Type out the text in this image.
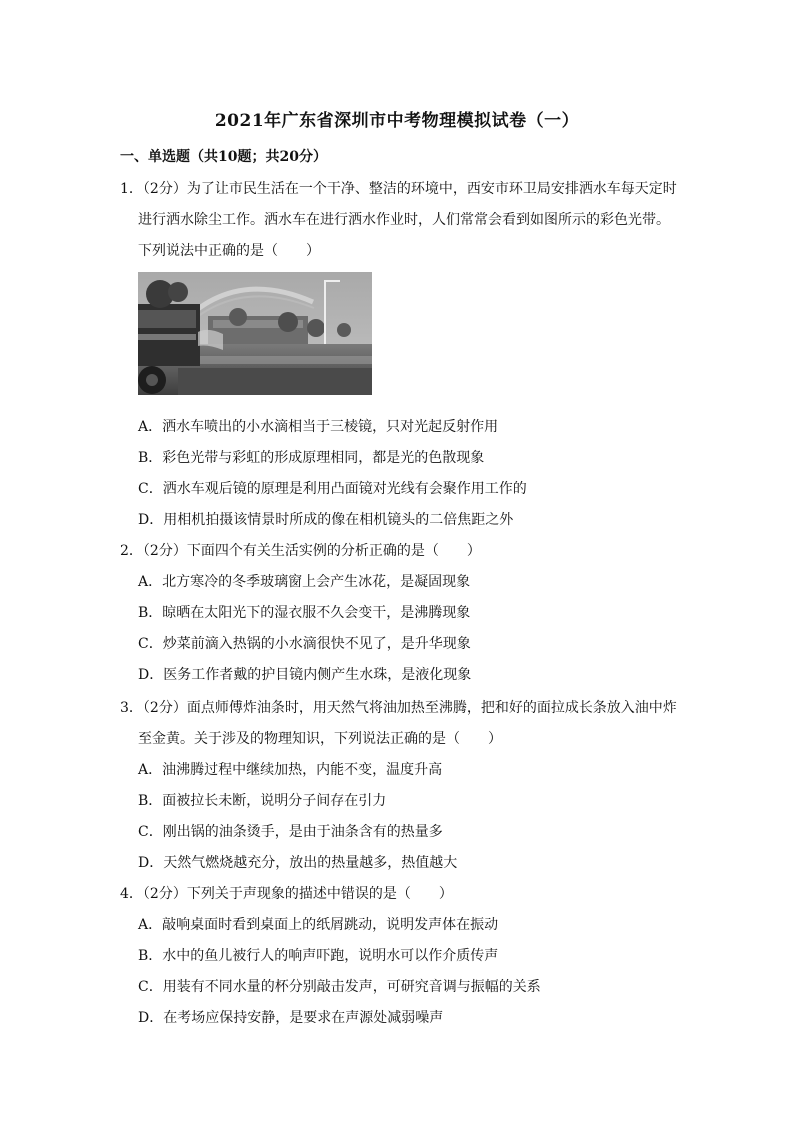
2021年广东省深圳市中考物理模拟试卷（一）
一、单选题（共10题；共20分）
1．（2分）为了让市民生活在一个干净、整洁的环境中，西安市环卫局安排洒水车每天定时
进行洒水除尘工作。洒水车在进行洒水作业时，人们常常会看到如图所示的彩色光带。
下列说法中正确的是（　　）
A．洒水车喷出的小水滴相当于三棱镜，只对光起反射作用
B．彩色光带与彩虹的形成原理相同，都是光的色散现象
C．洒水车观后镜的原理是利用凸面镜对光线有会聚作用工作的
D．用相机拍摄该情景时所成的像在相机镜头的二倍焦距之外
2．（2分）下面四个有关生活实例的分析正确的是（　　）
A．北方寒冷的冬季玻璃窗上会产生冰花，是凝固现象
B．晾晒在太阳光下的湿衣服不久会变干，是沸腾现象
C．炒菜前滴入热锅的小水滴很快不见了，是升华现象
D．医务工作者戴的护目镜内侧产生水珠，是液化现象
3．（2分）面点师傅炸油条时，用天然气将油加热至沸腾，把和好的面拉成长条放入油中炸
至金黄。关于涉及的物理知识，下列说法正确的是（　　）
A．油沸腾过程中继续加热，内能不变，温度升高
B．面被拉长未断，说明分子间存在引力
C．刚出锅的油条烫手，是由于油条含有的热量多
D．天然气燃烧越充分，放出的热量越多，热值越大
4．（2分）下列关于声现象的描述中错误的是（　　）
A．敲响桌面时看到桌面上的纸屑跳动，说明发声体在振动
B．水中的鱼儿被行人的响声吓跑，说明水可以作介质传声
C．用装有不同水量的杯分别敲击发声，可研究音调与振幅的关系
D．在考场应保持安静，是要求在声源处减弱噪声
